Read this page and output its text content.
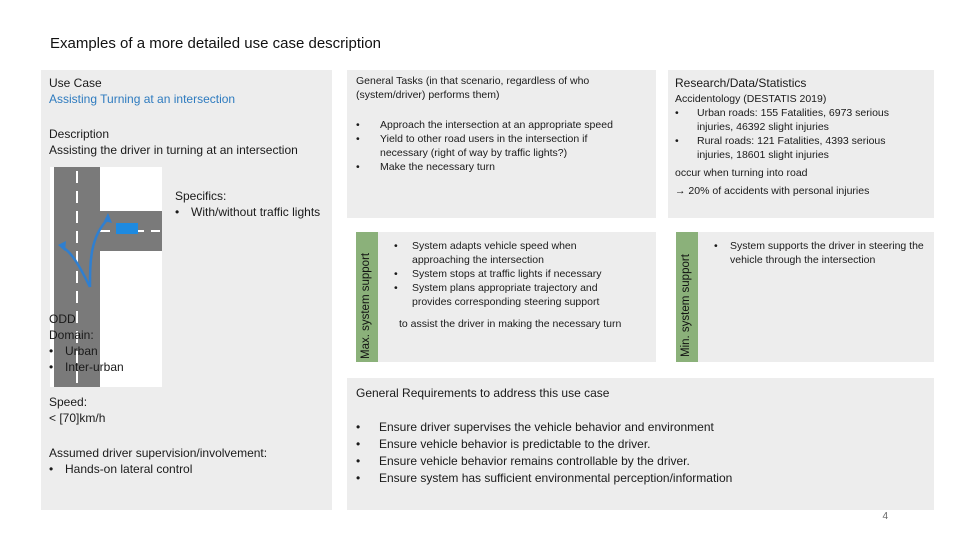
Examples of a more detailed use case description
Use Case
Assisting Turning at an intersection
Description
Assisting the driver in turning at an intersection
Specifics:
• With/without traffic lights
ODD
Domain:
• Urban
• Inter-urban
Speed:
< [70]km/h
Assumed driver supervision/involvement:
• Hands-on lateral control
General Tasks (in that scenario, regardless of who (system/driver) performs them)
• Approach the intersection at an appropriate speed
• Yield to other road users in the intersection if necessary (right of way by traffic lights?)
• Make the necessary turn
Research/Data/Statistics
Accidentology (DESTATIS 2019)
• Urban roads: 155 Fatalities, 6973 serious injuries, 46392 slight injuries
• Rural roads: 121 Fatalities, 4393 serious injuries, 18601 slight injuries
occur when turning into road
→ 20% of accidents with personal injuries
Max. system support
• System adapts vehicle speed when approaching the intersection
• System stops at traffic lights if necessary
• System plans appropriate trajectory and provides corresponding steering support
to assist the driver in making the necessary turn	Min. system support
• System supports the driver in steering the vehicle through the intersection
General Requirements to address this use case
• Ensure driver supervises the vehicle behavior and environment
• Ensure vehicle behavior is predictable to the driver.
• Ensure vehicle behavior remains controllable by the driver.
• Ensure system has sufficient environmental perception/information
4
